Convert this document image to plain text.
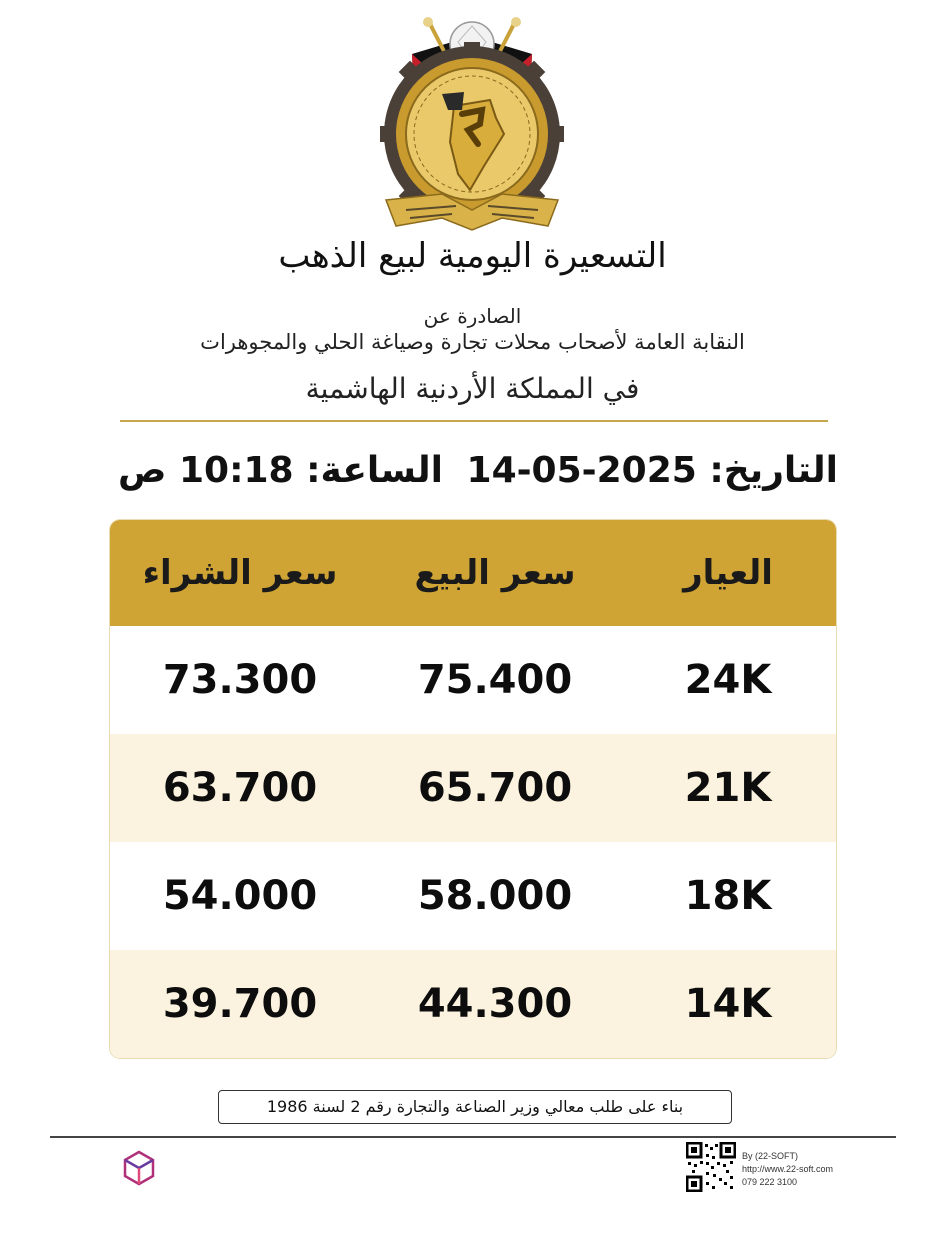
التسعيرة اليومية لبيع الذهب
الصادرة عن
النقابة العامة لأصحاب محلات تجارة وصياغة الحلي والمجوهرات
في المملكة الأردنية الهاشمية
التاريخ: 14-05-2025
الساعة: 10:18 ص
العيار
سعر البيع
سعر الشراء
24K
75.400
73.300
21K
65.700
63.700
18K
58.000
54.000
14K
44.300
39.700
بناء على طلب معالي وزير الصناعة والتجارة رقم 2 لسنة 1986
By (22-SOFT)
http://www.22-soft.com
079 222 3100
